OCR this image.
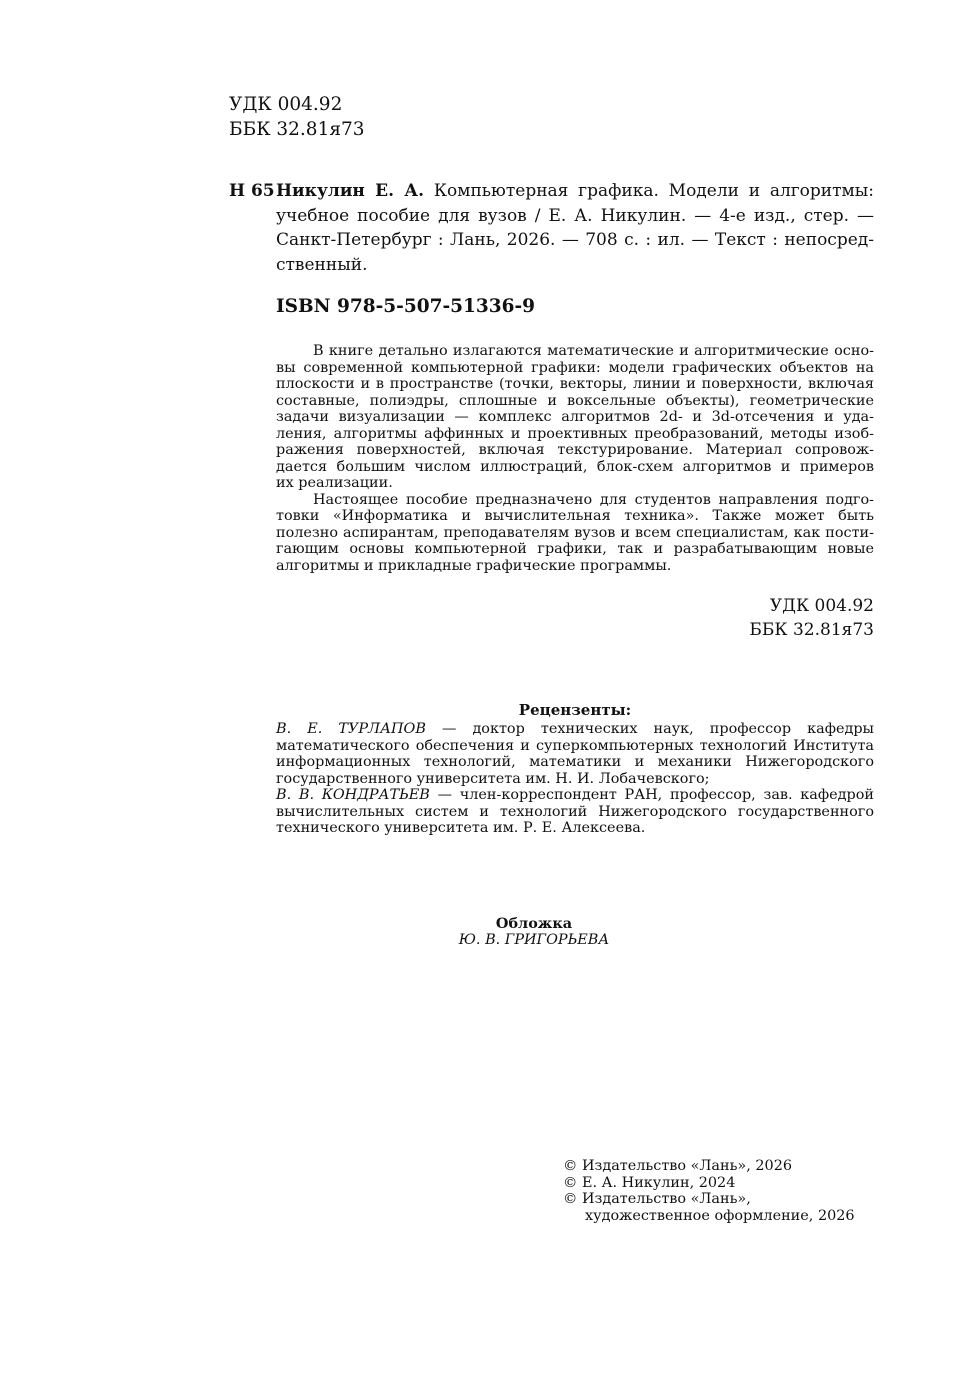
УДК 004.92
ББК 32.81я73
Н 65 Никулин Е. А. Компьютерная графика. Модели и алгоритмы:
учебное пособие для вузов / Е. А. Никулин. — 4-е изд., стер. —
Санкт-Петербург : Лань, 2026. — 708 с. : ил. — Текст : непосред-
ственный.
ISBN 978-5-507-51336-9
В книге детально излагаются математические и алгоритмические осно-
вы современной компьютерной графики: модели графических объектов на
плоскости и в пространстве (точки, векторы, линии и поверхности, включая
составные, полиэдры, сплошные и воксельные объекты), геометрические
задачи визуализации — комплекс алгоритмов 2d- и 3d-отсечения и уда-
ления, алгоритмы аффинных и проективных преобразований, методы изоб-
ражения поверхностей, включая текстурирование. Материал сопровож-
дается большим числом иллюстраций, блок-схем алгоритмов и примеров
их реализации.
Настоящее пособие предназначено для студентов направления подго-
товки «Информатика и вычислительная техника». Также может быть
полезно аспирантам, преподавателям вузов и всем специалистам, как пости-
гающим основы компьютерной графики, так и разрабатывающим новые
алгоритмы и прикладные графические программы.
УДК 004.92
ББК 32.81я73
Рецензенты:
В. Е. ТУРЛАПОВ — доктор технических наук, профессор кафедры
математического обеспечения и суперкомпьютерных технологий Института
информационных технологий, математики и механики Нижегородского
государственного университета им. Н. И. Лобачевского;
В. В. КОНДРАТЬЕВ — член-корреспондент РАН, профессор, зав. кафедрой
вычислительных систем и технологий Нижегородского государственного
технического университета им. Р. Е. Алексеева.
Обложка
Ю. В. ГРИГОРЬЕВА
© Издательство «Лань», 2026
© Е. А. Никулин, 2024
© Издательство «Лань»,
художественное оформление, 2026
